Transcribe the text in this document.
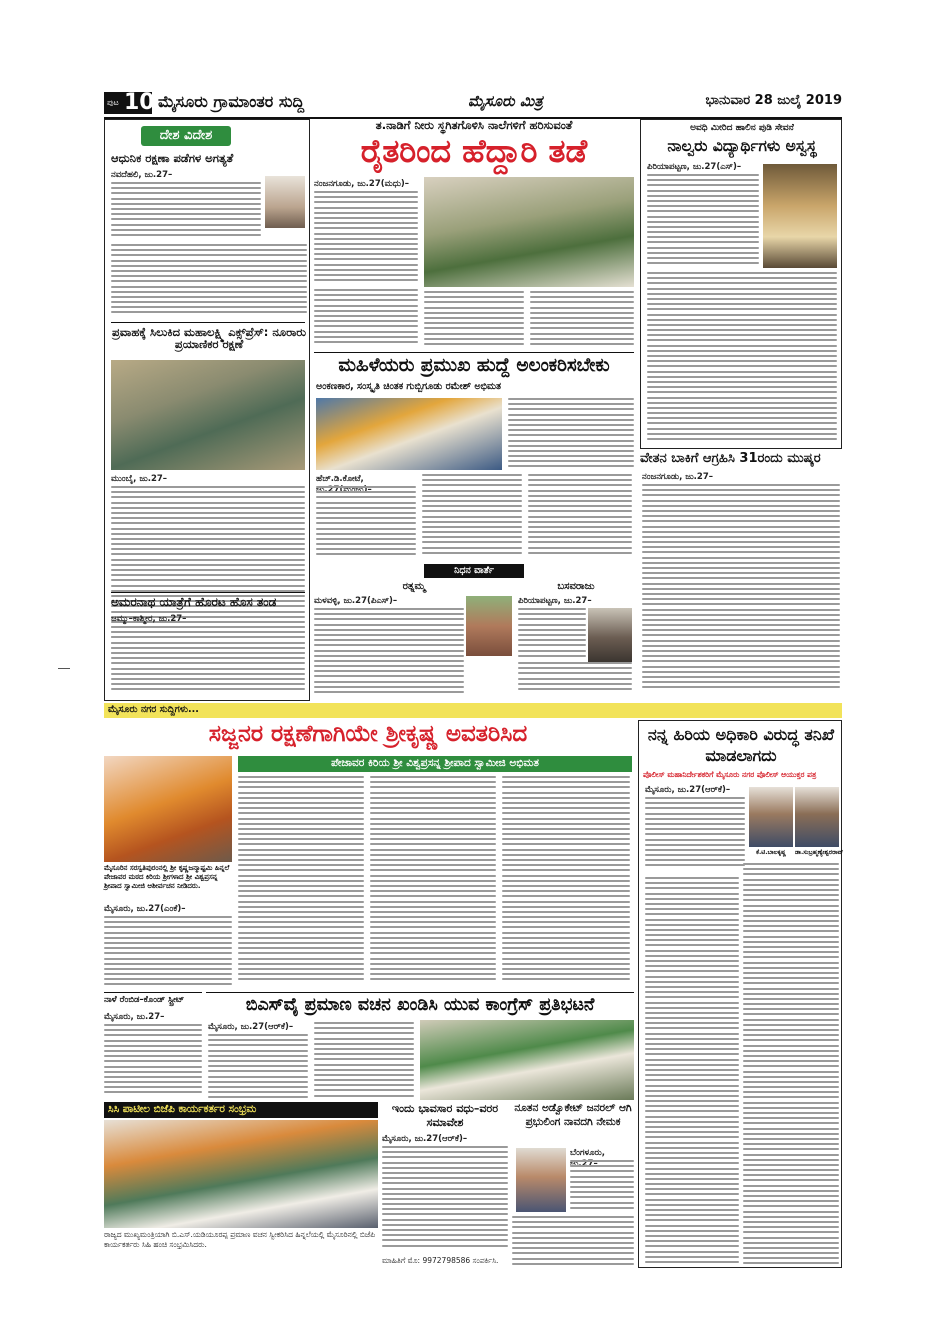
ಪುಟ 10 ಮೈಸೂರು ಗ್ರಾಮಾಂತರ ಸುದ್ದಿ	ಮೈಸೂರು ಮಿತ್ರ	ಭಾನುವಾರ 28 ಜುಲೈ 2019
ದೇಶ ವಿದೇಶ
ಆಧುನಿಕ ರಕ್ಷಣಾ ಪಡೆಗಳ ಅಗತ್ಯತೆ
ನವದೆಹಲಿ, ಜು.27–
ಪ್ರವಾಹಕ್ಕೆ ಸಿಲುಕಿದ ಮಹಾಲಕ್ಷ್ಮಿ ಎಕ್ಸ್‌ಪ್ರೆಸ್: ನೂರಾರು ಪ್ರಯಾಣಿಕರ ರಕ್ಷಣೆ
ಮುಂಬೈ, ಜು.27–
ಅಮರನಾಥ ಯಾತ್ರೆಗೆ ಹೊರಟ ಹೊಸ ತಂಡ
ಜಮ್ಮು–ಕಾಶ್ಮೀರ, ಜು.27–
ತ.ನಾಡಿಗೆ ನೀರು ಸ್ಥಗಿತಗೊಳಿಸಿ ನಾಲೆಗಳಿಗೆ ಹರಿಸುವಂತೆ
ರೈತರಿಂದ ಹೆದ್ದಾರಿ ತಡೆ
ನಂಜನಗೂಡು, ಜು.27(ಮಧು)–
ಅವಧಿ ಮೀರಿದ ಹಾಲಿನ ಪುಡಿ ಸೇವನೆ
ನಾಲ್ವರು ವಿದ್ಯಾರ್ಥಿಗಳು ಅಸ್ವಸ್ಥ
ಪಿರಿಯಾಪಟ್ಟಣ, ಜು.27(ಎಸ್‌)–
ಮಹಿಳೆಯರು ಪ್ರಮುಖ ಹುದ್ದೆ ಅಲಂಕರಿಸಬೇಕು
ಅಂಕಣಕಾರ, ಸಂಸ್ಕೃತಿ ಚಿಂತಕ ಗುಬ್ಬಿಗೂಡು ರಮೇಶ್ ಅಭಿಮತ
ಹೆಚ್.ಡಿ.ಕೋಟೆ,
ವೇತನ ಬಾಕಿಗೆ ಆಗ್ರಹಿಸಿ 31ರಂದು ಮುಷ್ಕರ
ನಂಜನಗೂಡು, ಜು.27–
ನಿಧನ ವಾರ್ತೆ
ರತ್ನಮ್ಮ
ಮಳವಳ್ಳಿ, ಜು.27(ಪಿಎಸ್‌)–
ಬಸವರಾಜು
ಪಿರಿಯಾಪಟ್ಟಣ, ಜು.27–
ಮೈಸೂರು ನಗರ ಸುದ್ದಿಗಳು...
ಸಜ್ಜನರ ರಕ್ಷಣೆಗಾಗಿಯೇ ಶ್ರೀಕೃಷ್ಣ ಅವತರಿಸಿದ
ಮೈಸೂರಿನ ಸರಸ್ವತಿಪುರಂನಲ್ಲಿ ಶ್ರೀ ಕೃಷ್ಣಜನ್ಮಾಷ್ಟಮಿ ಹಿನ್ನಲೆ ಪೇಜಾವರ ಮಠದ ಕಿರಿಯ ಶ್ರೀಗಳಾದ ಶ್ರೀ ವಿಶ್ವಪ್ರಸನ್ನ ಶ್ರೀಪಾದ ಸ್ವಾಮೀಜಿ ಆಶೀರ್ವಚನ ನೀಡಿದರು.
ಪೇಜಾವರ ಕಿರಿಯ ಶ್ರೀ ವಿಶ್ವಪ್ರಸನ್ನ ಶ್ರೀಪಾದ ಸ್ವಾಮೀಜಿ ಅಭಿಮತ
ಮೈಸೂರು, ಜು.27(ಎಂಕೆ)–
ನನ್ನ ಹಿರಿಯ ಅಧಿಕಾರಿ ವಿರುದ್ಧ ತನಿಖೆ ಮಾಡಲಾಗದು
ಪೊಲೀಸ್ ಮಹಾನಿರ್ದೇಶಕರಿಗೆ ಮೈಸೂರು ನಗರ ಪೊಲೀಸ್ ಆಯುಕ್ತರ ಪತ್ರ
ಮೈಸೂರು, ಜು.27(ಆರ್‌ಕೆ)–
ಕೆ.ಟಿ.ಬಾಲಕೃಷ್ಣ	ಡಾ.ಸುಬ್ರಹ್ಮಣ್ಯೇಶ್ವರರಾವ್
ಬಿಎಸ್‌ವೈ ಪ್ರಮಾಣ ವಚನ ಖಂಡಿಸಿ ಯುವ ಕಾಂಗ್ರೆಸ್ ಪ್ರತಿಭಟನೆ
ಮೈಸೂರು, ಜು.27(ಆರ್‌ಕೆ)–
ನಾಳೆ ರೆಂಬಿಡ–ಕೊಂಡ್ ಸ್ಟ್ರೀಟ್
ಮೈಸೂರು, ಜು.27–
ಸಿಸಿ ಪಾಟೀಲ ಬಿಜೆಪಿ ಕಾರ್ಯಕರ್ತರ ಸಂಭ್ರಮ
ರಾಜ್ಯದ ಮುಖ್ಯಮಂತ್ರಿಯಾಗಿ ಬಿ.ಎಸ್.ಯಡಿಯೂರಪ್ಪ ಪ್ರಮಾಣ ವಚನ ಸ್ವೀಕರಿಸಿದ ಹಿನ್ನಲೆಯಲ್ಲಿ ಮೈಸೂರಿನಲ್ಲಿ ಬಿಜೆಪಿ ಕಾರ್ಯಕರ್ತರು ಸಿಹಿ ಹಂಚಿ ಸಂಭ್ರಮಿಸಿದರು.
ಇಂದು ಭಾವಸಾರ ವಧು–ವರರ ಸಮಾವೇಶ
ಮೈಸೂರು, ಜು.27(ಆರ್‌ಕೆ)–
ಮಾಹಿತಿಗೆ ಮೊ: 9972798586 ಸಂಪರ್ಕಿಸಿ.
ನೂತನ ಅಡ್ವೊಕೇಟ್ ಜನರಲ್ ಆಗಿ ಪ್ರಭುಲಿಂಗ ನಾವದಗಿ ನೇಮಕ
ಬೆಂಗಳೂರು,
